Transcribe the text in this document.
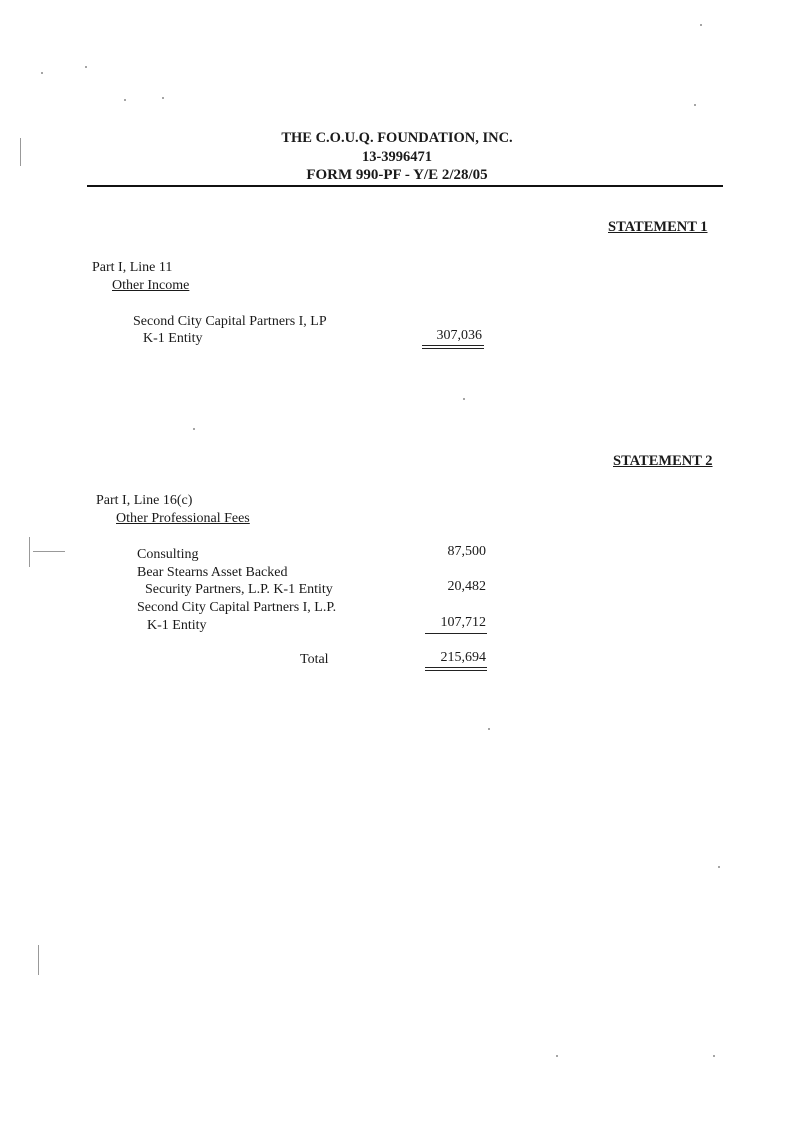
THE C.O.U.Q. FOUNDATION, INC.
13-3996471
FORM 990-PF - Y/E 2/28/05
STATEMENT 1
Part I, Line 11
Other Income
Second City Capital Partners I, LP
K-1 Entity	307,036
STATEMENT 2
Part I, Line 16(c)
Other Professional Fees
Consulting	87,500
Bear Stearns Asset Backed
Security Partners, L.P. K-1 Entity	20,482
Second City Capital Partners I, L.P.
K-1 Entity	107,712
Total	215,694
